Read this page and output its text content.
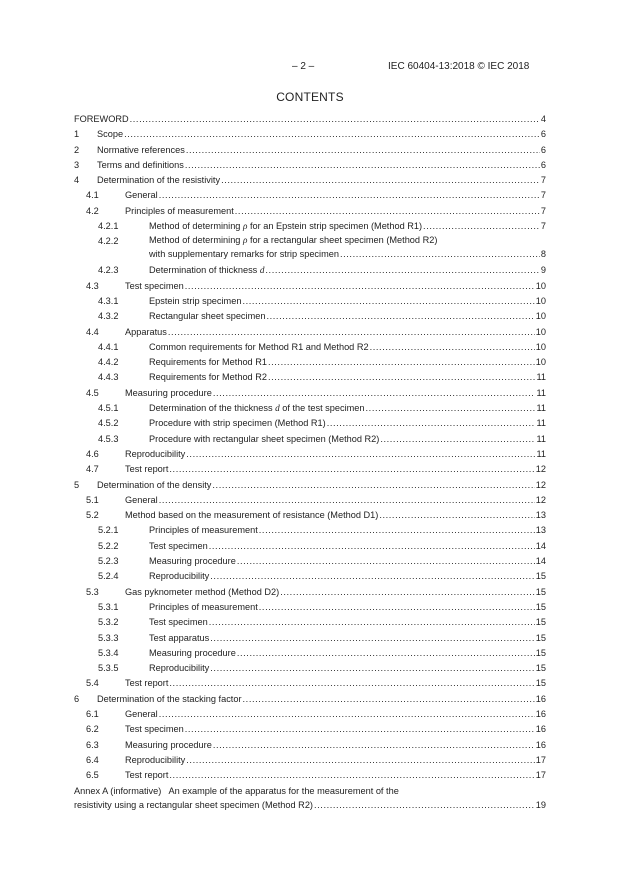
– 2 –	IEC 60404-13:2018 © IEC 2018
CONTENTS
FOREWORD .....	4
1 Scope .....	6
2 Normative references .....	6
3 Terms and definitions .....	6
4 Determination of the resistivity .....	7
4.1	General .....	7
4.2	Principles of measurement .....	7
4.2.1	Method of determining ρ for an Epstein strip specimen (Method R1) .....	7
4.2.2	Method of determining ρ for a rectangular sheet specimen (Method R2)
with supplementary remarks for strip specimen .....	8
4.2.3	Determination of thickness d .....	9
4.3	Test specimen .....	10
4.3.1	Epstein strip specimen .....	10
4.3.2	Rectangular sheet specimen .....	10
4.4	Apparatus .....	10
4.4.1	Common requirements for Method R1 and Method R2 .....	10
4.4.2	Requirements for Method R1 .....	10
4.4.3	Requirements for Method R2 .....	11
4.5	Measuring procedure .....	11
4.5.1	Determination of the thickness d of the test specimen .....	11
4.5.2	Procedure with strip specimen (Method R1) .....	11
4.5.3	Procedure with rectangular sheet specimen (Method R2) .....	11
4.6	Reproducibility .....	11
4.7	Test report .....	12
5 Determination of the density .....	12
5.1	General .....	12
5.2	Method based on the measurement of resistance (Method D1) .....	13
5.2.1	Principles of measurement .....	13
5.2.2	Test specimen .....	14
5.2.3	Measuring procedure .....	14
5.2.4	Reproducibility .....	15
5.3	Gas pyknometer method (Method D2) .....	15
5.3.1	Principles of measurement .....	15
5.3.2	Test specimen .....	15
5.3.3	Test apparatus .....	15
5.3.4	Measuring procedure .....	15
5.3.5	Reproducibility .....	15
5.4	Test report .....	15
6 Determination of the stacking factor .....	16
6.1	General .....	16
6.2	Test specimen .....	16
6.3	Measuring procedure .....	16
6.4	Reproducibility .....	17
6.5	Test report .....	17
Annex A (informative)   An example of the apparatus for the measurement of the
resistivity using a rectangular sheet specimen (Method R2) .....	19
